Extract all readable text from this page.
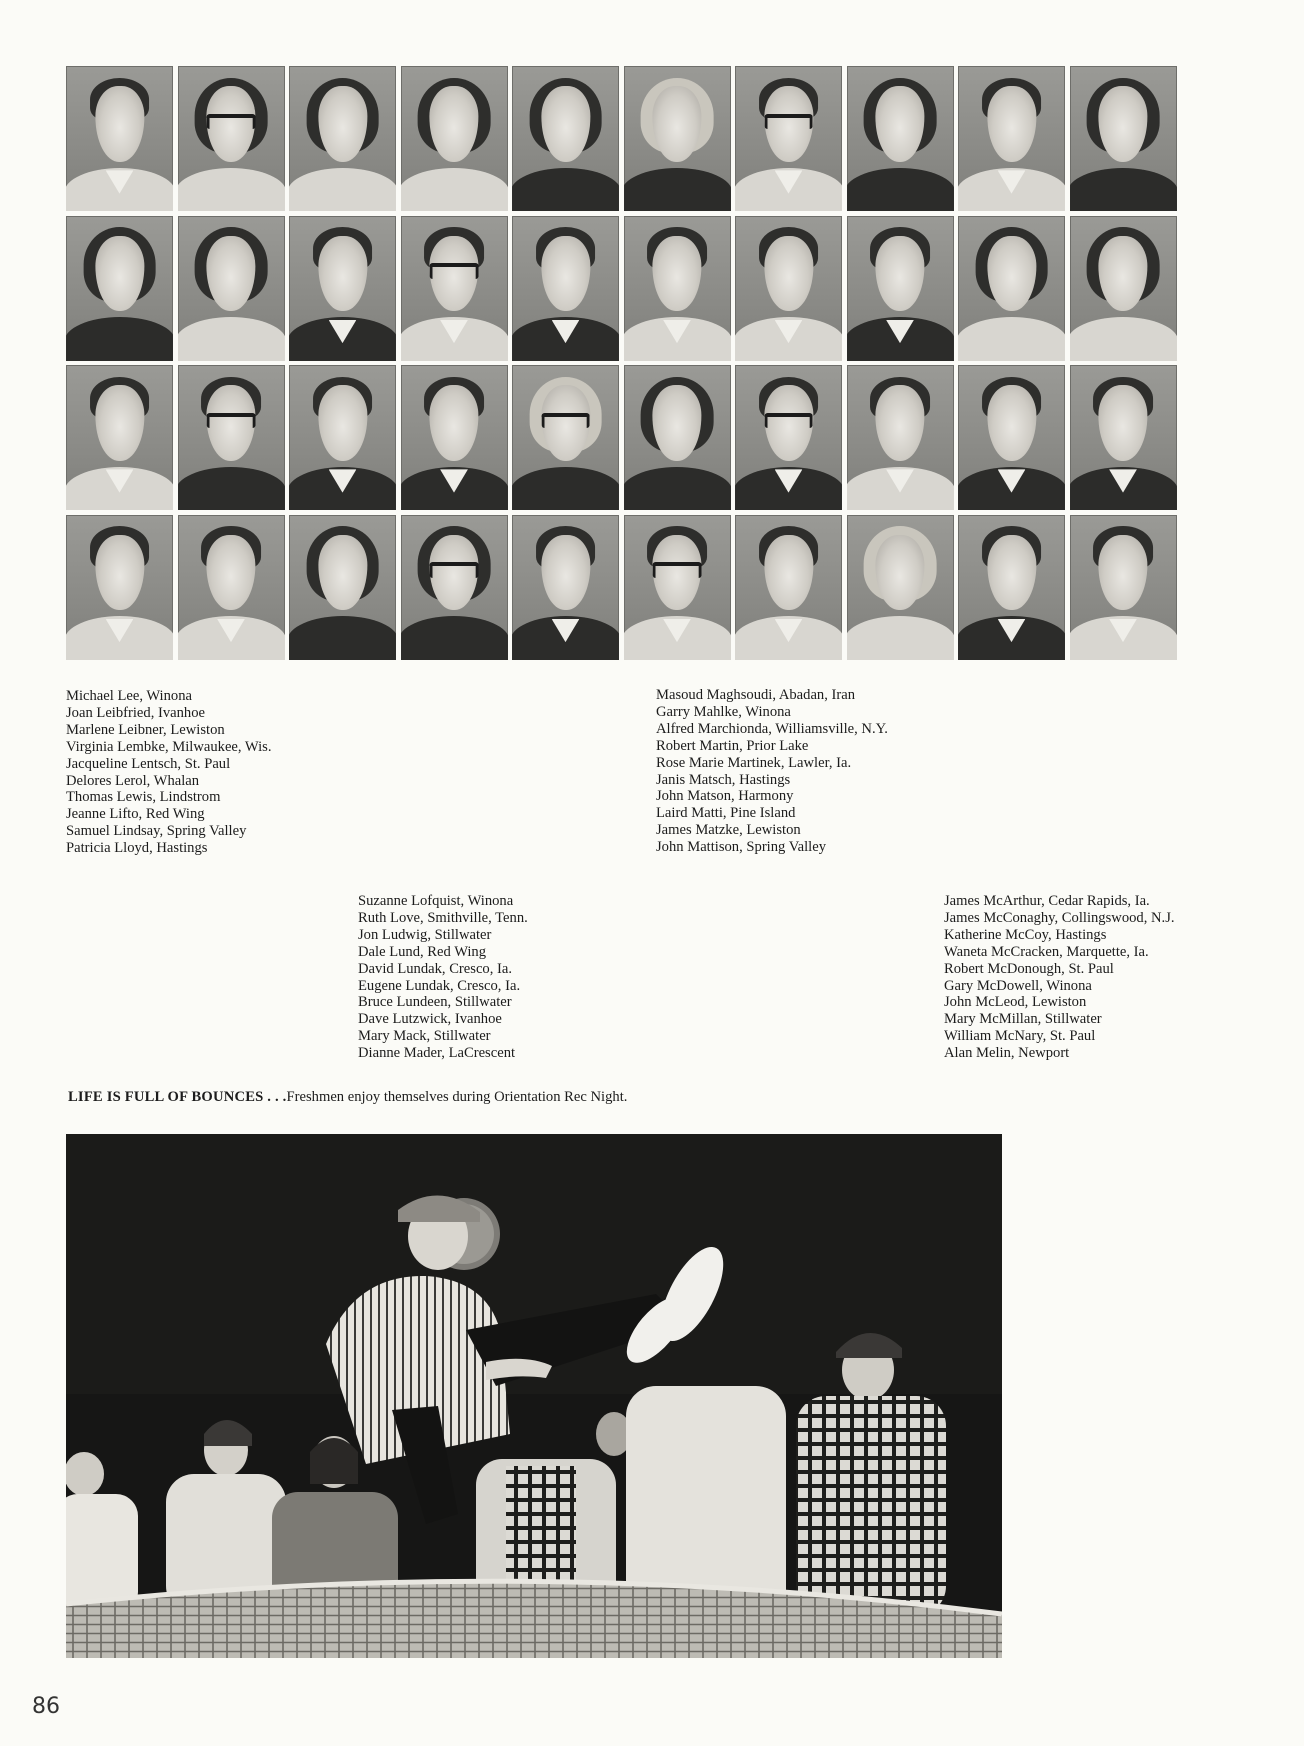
Michael Lee, Winona
Joan Leibfried, Ivanhoe
Marlene Leibner, Lewiston
Virginia Lembke, Milwaukee, Wis.
Jacqueline Lentsch, St. Paul
Delores Lerol, Whalan
Thomas Lewis, Lindstrom
Jeanne Lifto, Red Wing
Samuel Lindsay, Spring Valley
Patricia Lloyd, Hastings
Suzanne Lofquist, Winona
Ruth Love, Smithville, Tenn.
Jon Ludwig, Stillwater
Dale Lund, Red Wing
David Lundak, Cresco, Ia.
Eugene Lundak, Cresco, Ia.
Bruce Lundeen, Stillwater
Dave Lutzwick, Ivanhoe
Mary Mack, Stillwater
Dianne Mader, LaCrescent
Masoud Maghsoudi, Abadan, Iran
Garry Mahlke, Winona
Alfred Marchionda, Williamsville, N.Y.
Robert Martin, Prior Lake
Rose Marie Martinek, Lawler, Ia.
Janis Matsch, Hastings
John Matson, Harmony
Laird Matti, Pine Island
James Matzke, Lewiston
John Mattison, Spring Valley
James McArthur, Cedar Rapids, Ia.
James McConaghy, Collingswood, N.J.
Katherine McCoy, Hastings
Waneta McCracken, Marquette, Ia.
Robert McDonough, St. Paul
Gary McDowell, Winona
John McLeod, Lewiston
Mary McMillan, Stillwater
William McNary, St. Paul
Alan Melin, Newport
LIFE IS FULL OF BOUNCES . . .Freshmen enjoy themselves during Orientation Rec Night.
86
